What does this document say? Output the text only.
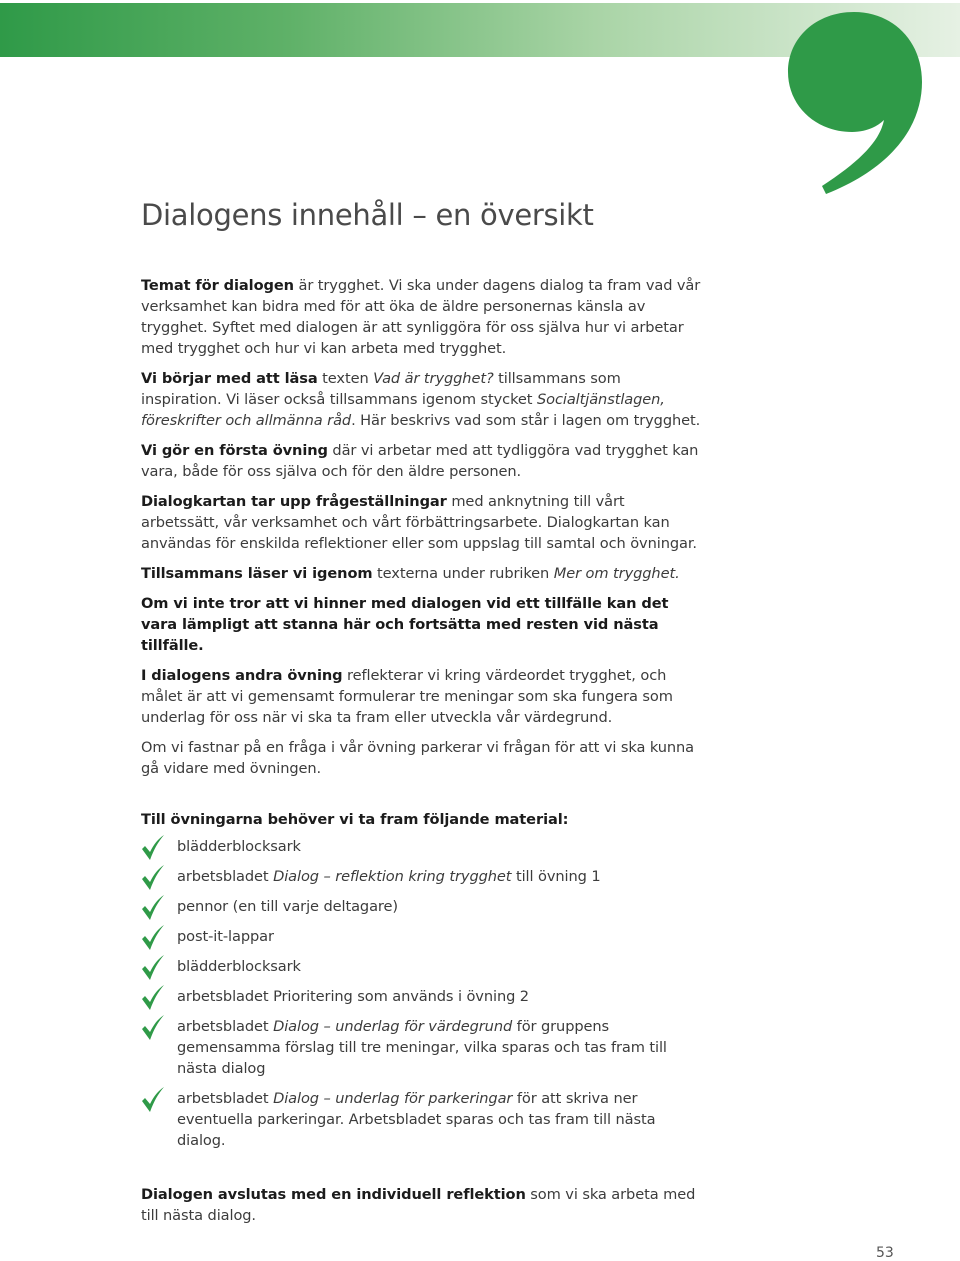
Dialogens innehåll – en översikt

Temat för dialogen är trygghet. Vi ska under dagens dialog ta fram vad vår verksamhet kan bidra med för att öka de äldre personernas känsla av trygghet. Syftet med dialogen är att synliggöra för oss själva hur vi arbetar med trygghet och hur vi kan arbeta med trygghet.

Vi börjar med att läsa texten Vad är trygghet? tillsammans som inspiration. Vi läser också tillsammans igenom stycket Socialtjänstlagen, föreskrifter och allmänna råd. Här beskrivs vad som står i lagen om trygghet.

Vi gör en första övning där vi arbetar med att tydliggöra vad trygghet kan vara, både för oss själva och för den äldre personen.

Dialogkartan tar upp frågeställningar med anknytning till vårt arbetssätt, vår verksamhet och vårt förbättringsarbete. Dialogkartan kan användas för enskilda reflektioner eller som uppslag till samtal och övningar.

Tillsammans läser vi igenom texterna under rubriken Mer om trygghet.

Om vi inte tror att vi hinner med dialogen vid ett tillfälle kan det vara lämpligt att stanna här och fortsätta med resten vid nästa tillfälle.

I dialogens andra övning reflekterar vi kring värdeordet trygghet, och målet är att vi gemensamt formulerar tre meningar som ska fungera som underlag för oss när vi ska ta fram eller utveckla vår värdegrund.

Om vi fastnar på en fråga i vår övning parkerar vi frågan för att vi ska kunna gå vidare med övningen.

Till övningarna behöver vi ta fram följande material:

blädderblocksark
arbetsbladet Dialog – reflektion kring trygghet till övning 1
pennor (en till varje deltagare)
post-it-lappar
blädderblocksark
arbetsbladet Prioritering som används i övning 2
arbetsbladet Dialog – underlag för värdegrund för gruppens gemensamma förslag till tre meningar, vilka sparas och tas fram till nästa dialog
arbetsbladet Dialog – underlag för parkeringar för att skriva ner eventuella parkeringar. Arbetsbladet sparas och tas fram till nästa dialog.

Dialogen avslutas med en individuell reflektion som vi ska arbeta med till nästa dialog.

53
